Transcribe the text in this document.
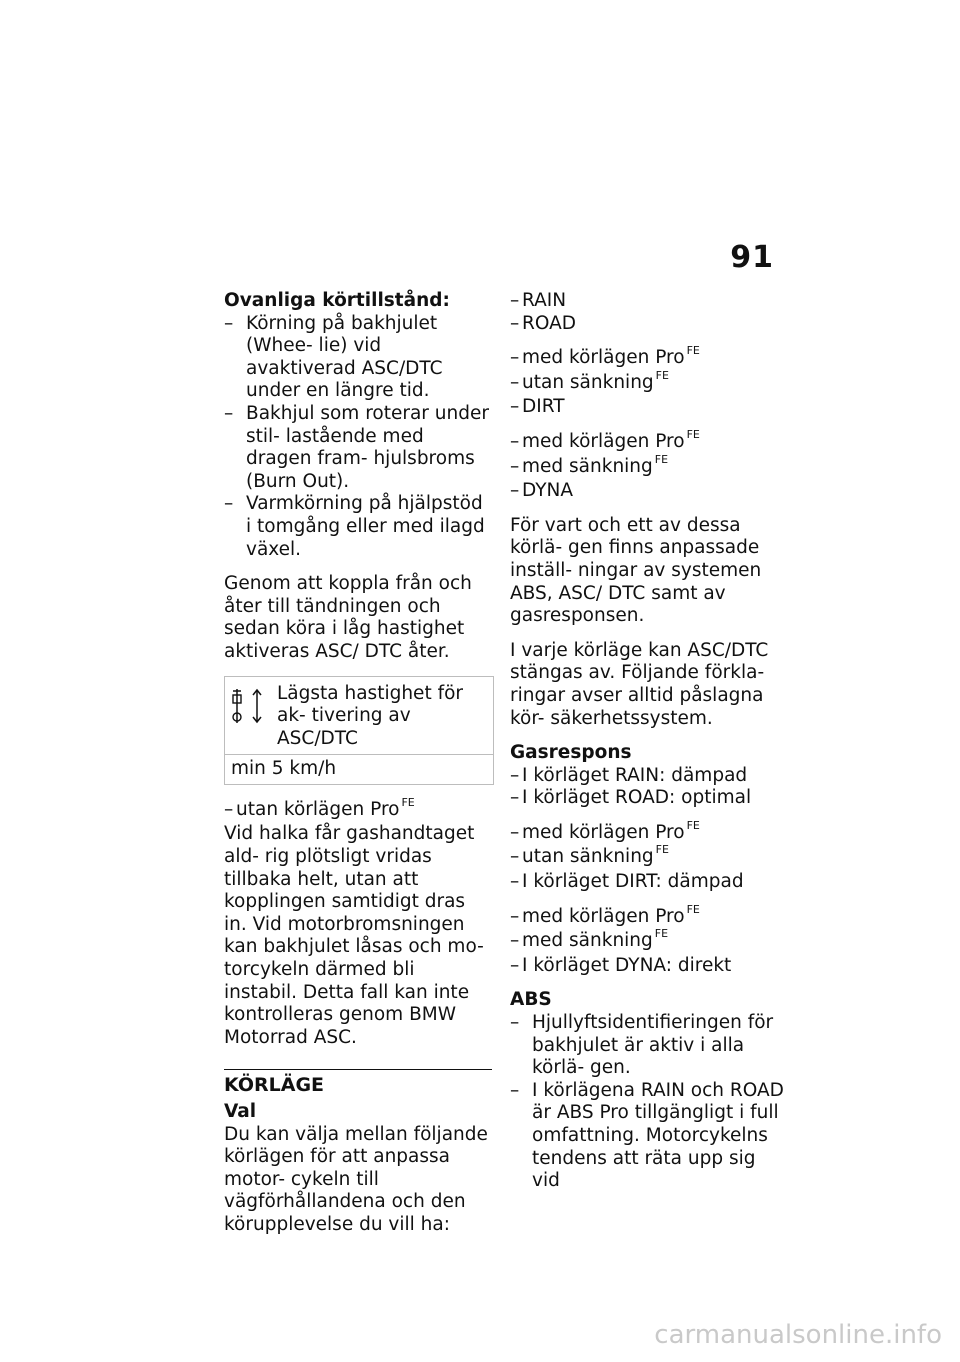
91

Ovanliga körtillstånd:

– Körning på bakhjulet (Whee- lie) vid avaktiverad ASC/DTC under en längre tid.

– Bakhjul som roterar under stil- lastående med dragen fram- hjulsbroms (Burn Out).

– Varmkörning på hjälpstöd i tomgång eller med ilagd växel.

Genom att koppla från och åter till tändningen och sedan köra i låg hastighet aktiveras ASC/ DTC åter.

Lägsta hastighet för ak- tivering av ASC/DTC
min 5 km/h

– utan körlägen Pro $^{FE}$

Vid halka får gashandtaget ald- rig plötsligt vridas tillbaka helt, utan att kopplingen samtidigt dras in. Vid motorbromsningen kan bakhjulet låsas och mo- torcykeln därmed bli instabil. Detta fall kan inte kontrolleras genom BMW Motorrad ASC.

KÖRLÄGE

Val

Du kan välja mellan följande körlägen för att anpassa motor- cykeln till vägförhållandena och den körupplevelse du vill ha:

– RAIN

– ROAD

– med körlägen Pro $^{FE}$

– utan sänkning $^{FE}$

– DIRT

– med körlägen Pro $^{FE}$

– med sänkning $^{FE}$

– DYNA

För vart och ett av dessa körlä- gen finns anpassade inställ- ningar av systemen ABS, ASC/ DTC samt av gasresponsen.

I varje körläge kan ASC/DTC stängas av. Följande förkla- ringar avser alltid påslagna kör- säkerhetssystem.

Gasrespons

– I körläget RAIN: dämpad

– I körläget ROAD: optimal

– med körlägen Pro $^{FE}$

– utan sänkning $^{FE}$

– I körläget DIRT: dämpad

– med körlägen Pro $^{FE}$

– med sänkning $^{FE}$

– I körläget DYNA: direkt

ABS

– Hjullyftsidentifieringen för bakhjulet är aktiv i alla körlä- gen.

– I körlägena RAIN och ROAD är ABS Pro tillgängligt i full omfattning. Motorcykelns tendens att räta upp sig vid

carmanualsonline.info
